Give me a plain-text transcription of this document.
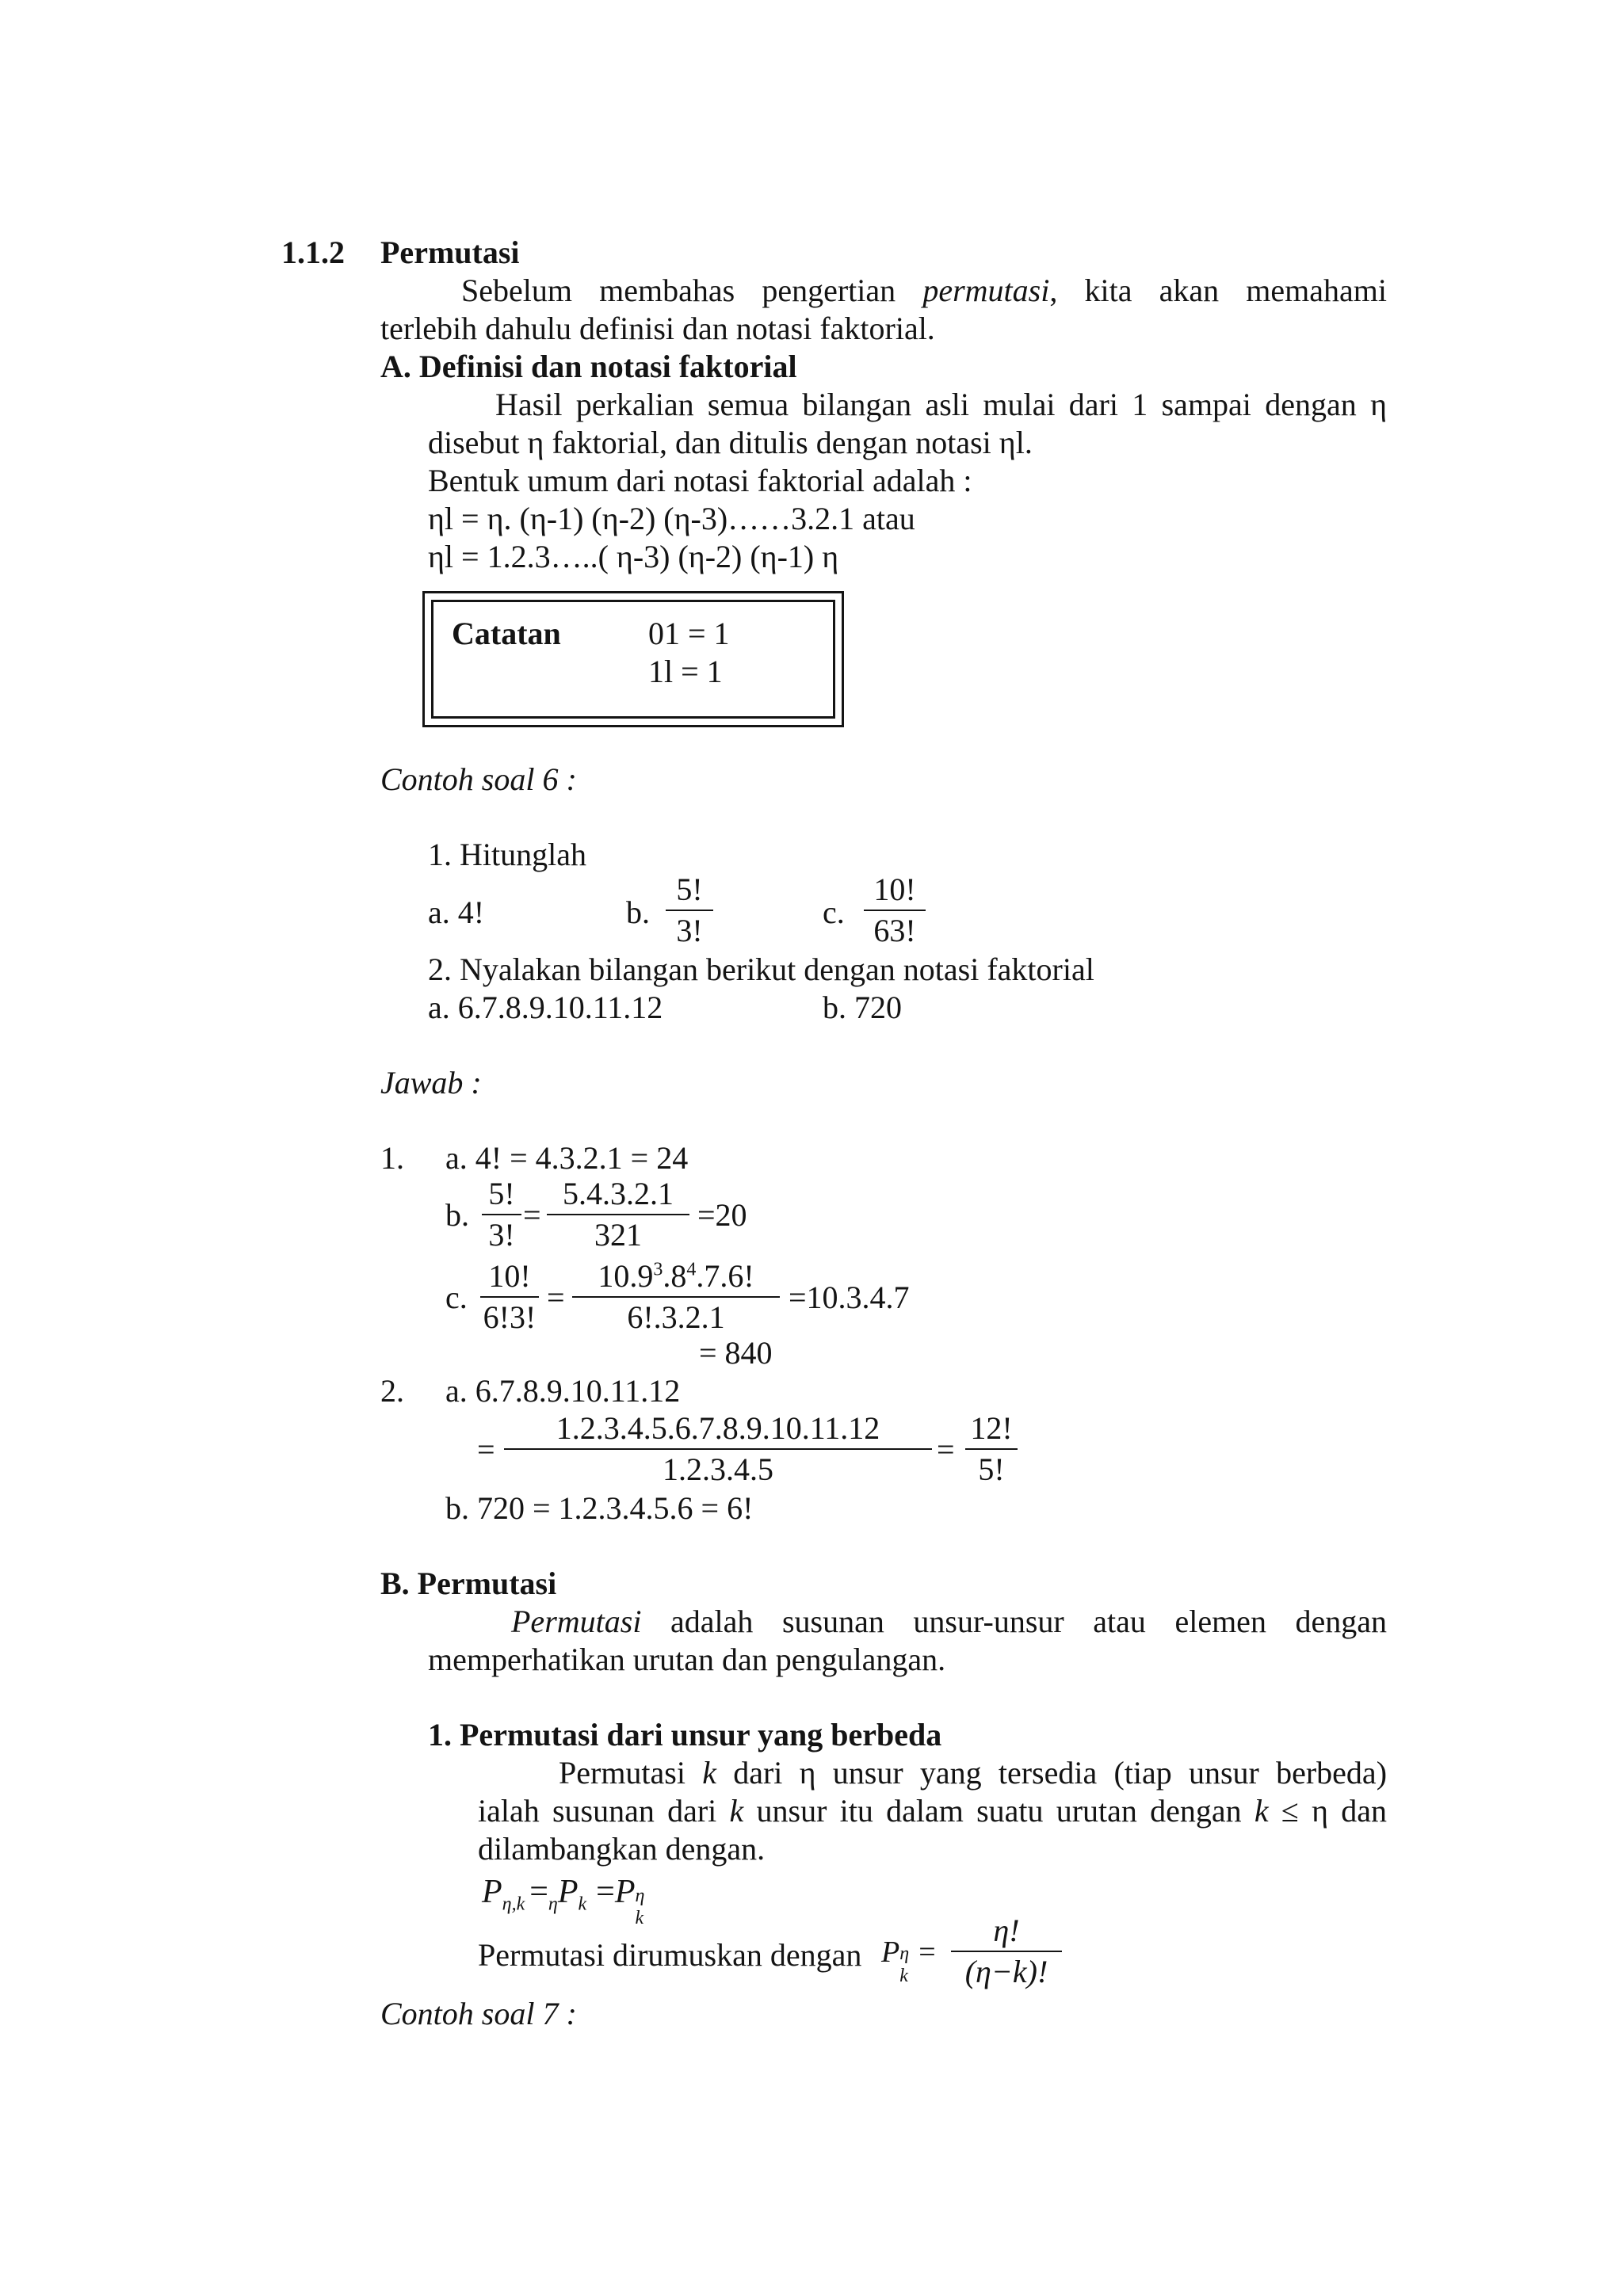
1.1.2 Permutasi
Sebelum membahas pengertian permutasi, kita akan memahami
terlebih dahulu definisi dan notasi faktorial.
A. Definisi dan notasi faktorial
Hasil perkalian semua bilangan asli mulai dari 1 sampai dengan η
disebut η faktorial, dan ditulis dengan notasi ηl.
Bentuk umum dari notasi faktorial adalah :
ηl = η. (η-1) (η-2) (η-3)……3.2.1 atau
ηl = 1.2.3…..( η-3) (η-2) (η-1) η
Catatan	01 = 1
1l = 1
Contoh soal 6 :
1. Hitunglah
a. 4!	b.
5!
3!
c.
10!
63!
2. Nyalakan bilangan berikut dengan notasi faktorial
a. 6.7.8.9.10.11.12	b. 720
Jawab :
1. a. 4! = 4.3.2.1 = 24
b.
5!
3!
=
5.4.3.2.1
321
=20
c.
10!
6!3!
=
$10.9^3.8^4.7.6$!
6!.3.2.1
=10.3.4.7
= 840
2. a. 6.7.8.9.10.11.12
=
1.2.3.4.5.6.7.8.9.10.11.12
1.2.3.4.5
=
12!
5!
b. 720 = 1.2.3.4.5.6 = 6!
B. Permutasi
Permutasi adalah susunan unsur-unsur atau elemen dengan
memperhatikan urutan dan pengulangan.
1. Permutasi dari unsur yang berbeda
Permutasi k dari η unsur yang tersedia (tiap unsur berbeda)
ialah susunan dari k unsur itu dalam suatu urutan dengan k ≤ η dan
dilambangkan dengan.
$P_{\eta,k} =_\eta P_k =P$ η
k
Permutasi dirumuskan dengan P η
k
=
η!
(η−k)!
Contoh soal 7 :
